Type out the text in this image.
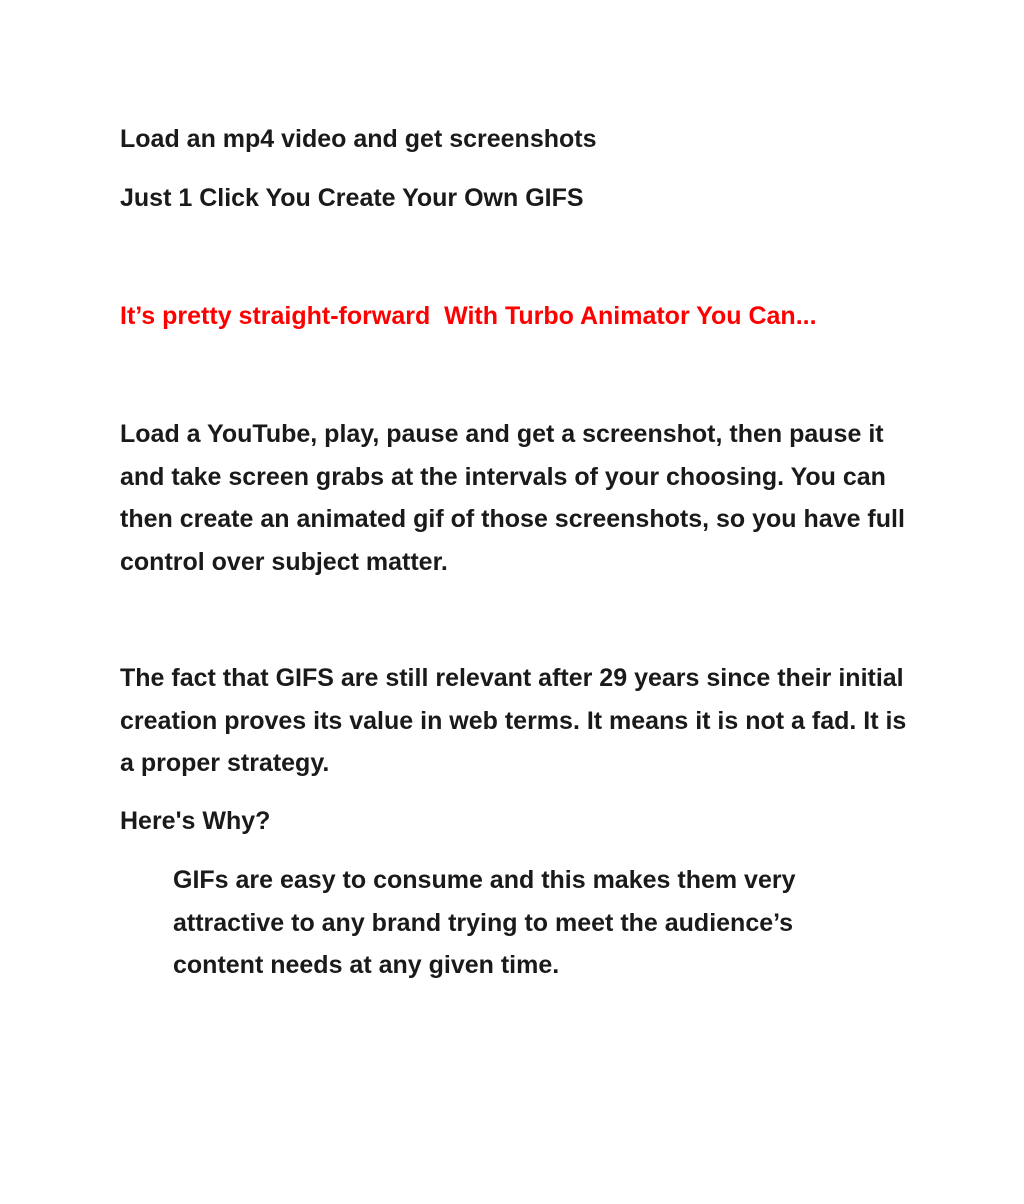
Load an mp4 video and get screenshots

Just 1 Click You Create Your Own GIFS

It’s pretty straight-forward  With Turbo Animator You Can...

Load a YouTube, play, pause and get a screenshot, then pause it and take screen grabs at the intervals of your choosing. You can then create an animated gif of those screenshots, so you have full control over subject matter.

The fact that GIFS are still relevant after 29 years since their initial creation proves its value in web terms. It means it is not a fad. It is a proper strategy.

Here's Why?

GIFs are easy to consume and this makes them very attractive to any brand trying to meet the audience’s content needs at any given time.
